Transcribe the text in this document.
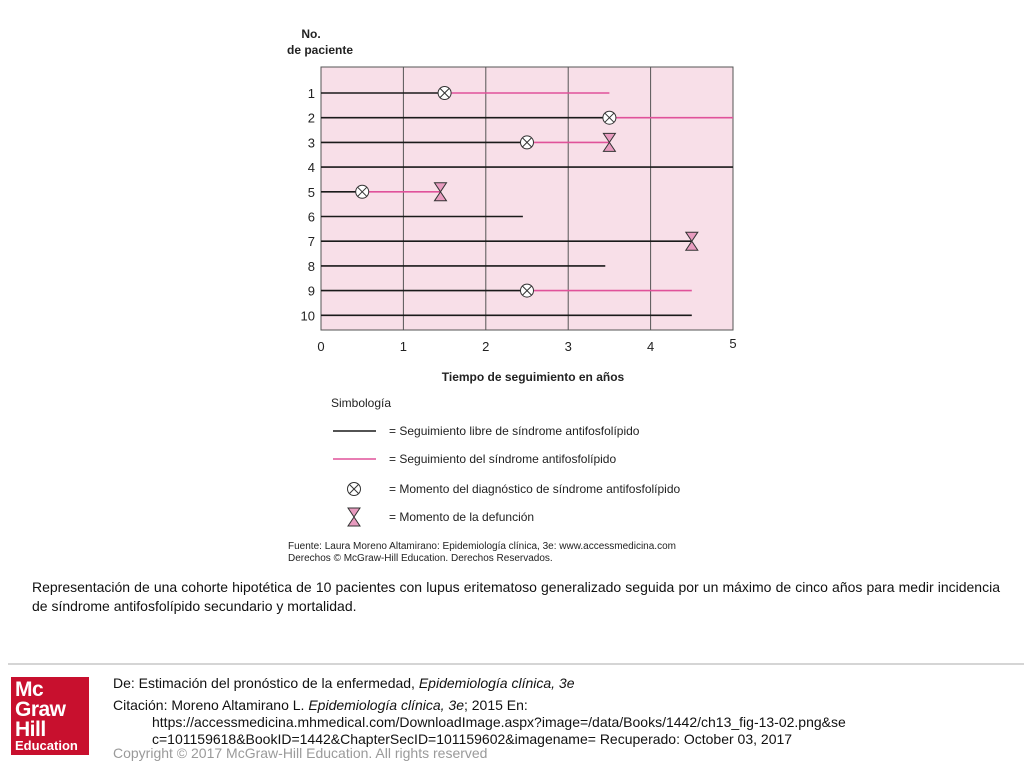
No.
de paciente
1
2
3
4
5
6
7
8
9
10
0	1	2	3	4	5
Tiempo de seguimiento en años
Simbología
= Seguimiento libre de síndrome antifosfolípido
= Seguimiento del síndrome antifosfolípido
= Momento del diagnóstico de síndrome antifosfolípido
= Momento de la defunción
Fuente: Laura Moreno Altamirano: Epidemiología clínica, 3e: www.accessmedicina.com
Derechos © McGraw-Hill Education. Derechos Reservados.
Representación de una cohorte hipotética de 10 pacientes con lupus eritematoso generalizado seguida por un máximo de cinco años para medir incidencia de síndrome antifosfolípido secundario y mortalidad.
Mc
Graw
Hill
Education
De: Estimación del pronóstico de la enfermedad, Epidemiología clínica, 3e
Citación: Moreno Altamirano L. Epidemiología clínica, 3e; 2015 En:
https://accessmedicina.mhmedical.com/DownloadImage.aspx?image=/data/Books/1442/ch13_fig-13-02.png&sec=101159618&BookID=1442&ChapterSecID=101159602&imagename= Recuperado: October 03, 2017
Copyright © 2017 McGraw-Hill Education. All rights reserved
